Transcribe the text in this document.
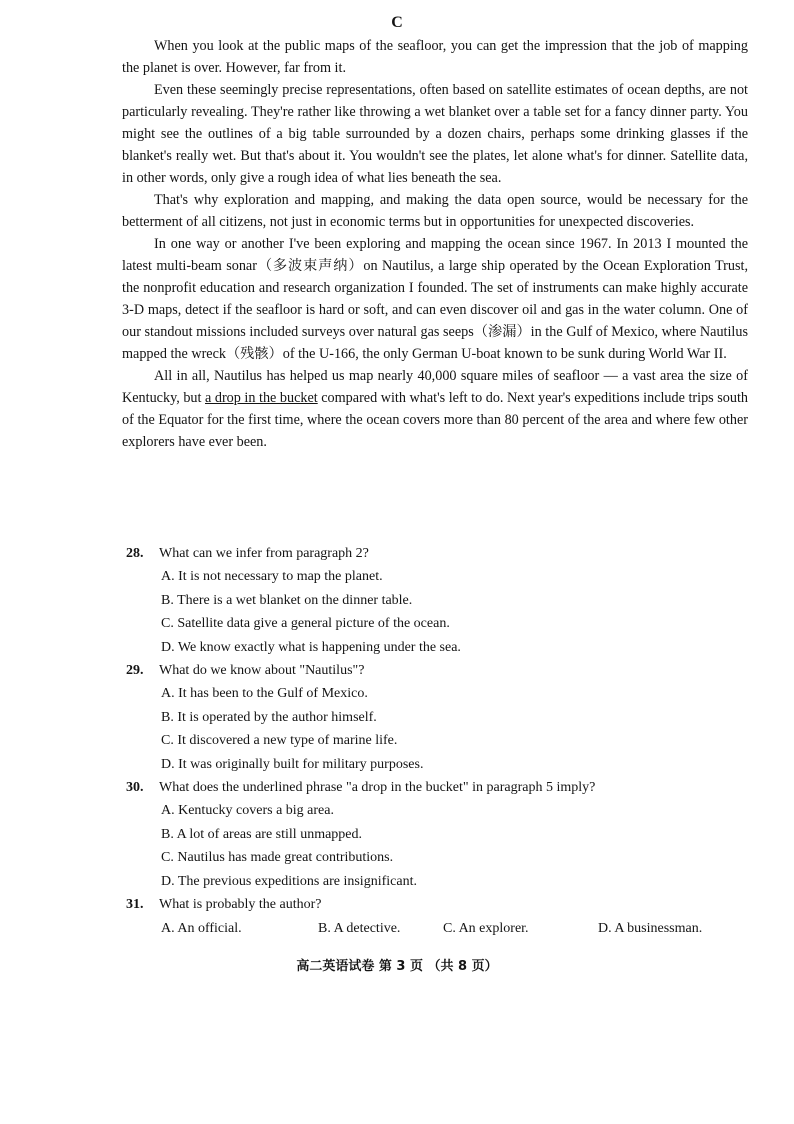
C

When you look at the public maps of the seafloor, you can get the impression that the job of mapping the planet is over. However, far from it.

Even these seemingly precise representations, often based on satellite estimates of ocean depths, are not particularly revealing. They're rather like throwing a wet blanket over a table set for a fancy dinner party. You might see the outlines of a big table surrounded by a dozen chairs, perhaps some drinking glasses if the blanket's really wet. But that's about it. You wouldn't see the plates, let alone what's for dinner. Satellite data, in other words, only give a rough idea of what lies beneath the sea.

That's why exploration and mapping, and making the data open source, would be necessary for the betterment of all citizens, not just in economic terms but in opportunities for unexpected discoveries.

In one way or another I've been exploring and mapping the ocean since 1967. In 2013 I mounted the latest multi-beam sonar（多波束声纳）on Nautilus, a large ship operated by the Ocean Exploration Trust, the nonprofit education and research organization I founded. The set of instruments can make highly accurate 3-D maps, detect if the seafloor is hard or soft, and can even discover oil and gas in the water column. One of our standout missions included surveys over natural gas seeps（渗漏）in the Gulf of Mexico, where Nautilus mapped the wreck（残骸）of the U-166, the only German U-boat known to be sunk during World War II.

All in all, Nautilus has helped us map nearly 40,000 square miles of seafloor — a vast area the size of Kentucky, but a drop in the bucket compared with what's left to do. Next year's expeditions include trips south of the Equator for the first time, where the ocean covers more than 80 percent of the area and where few other explorers have ever been.

28.	What can we infer from paragraph 2?
A. It is not necessary to map the planet.
B. There is a wet blanket on the dinner table.
C. Satellite data give a general picture of the ocean.
D. We know exactly what is happening under the sea.
29.	What do we know about "Nautilus"?
A. It has been to the Gulf of Mexico.
B. It is operated by the author himself.
C. It discovered a new type of marine life.
D. It was originally built for military purposes.
30.	What does the underlined phrase "a drop in the bucket" in paragraph 5 imply?
A. Kentucky covers a big area.
B. A lot of areas are still unmapped.
C. Nautilus has made great contributions.
D. The previous expeditions are insignificant.
31.	What is probably the author?
A. An official.	B. A detective.	C. An explorer.	D. A businessman.
高二英语试卷 第 3 页 （共 8 页）
